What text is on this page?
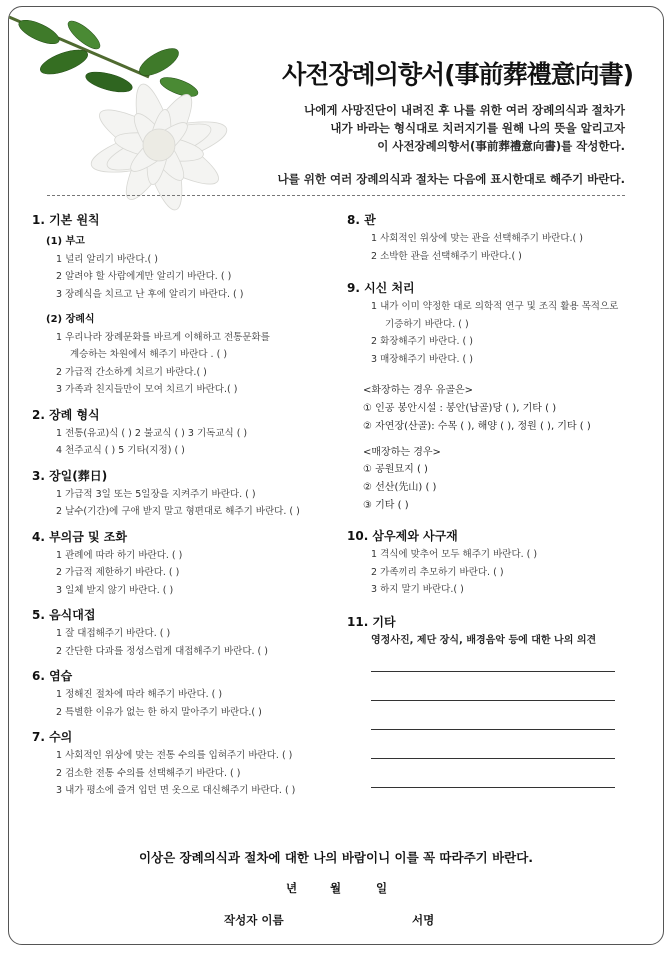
사전장례의향서(事前葬禮意向書)
나에게 사망진단이 내려진 후 나를 위한 여러 장례의식과 절차가
내가 바라는 형식대로 치러지기를 원해 나의 뜻을 알리고자
이 사전장례의향서(事前葬禮意向書)를 작성한다.
나를 위한 여러 장례의식과 절차는 다음에 표시한대로 해주기 바란다.
1. 기본 원칙
(1) 부고
1 널리 알리기 바란다.( )
2 알려야 할 사람에게만 알리기 바란다. ( )
3 장례식을 치르고 난 후에 알리기 바란다. ( )
(2) 장례식
1 우리나라 장례문화를 바르게 이해하고 전통문화를
계승하는 차원에서 해주기 바란다 . ( )
2 가급적 간소하게 치르기 바란다.( )
3 가족과 친지들만이 모여 치르기 바란다.( )
2. 장례 형식
1 전통(유교)식 ( ) 2 불교식 ( ) 3 기독교식 ( )
4 천주교식 ( ) 5 기타(지정) ( )
3. 장일(葬日)
1 가급적 3일 또는 5일장을 지켜주기 바란다. ( )
2 날수(기간)에 구애 받지 말고 형편대로 해주기 바란다. ( )
4. 부의금 및 조화
1 관례에 따라 하기 바란다. ( )
2 가급적 제한하기 바란다. ( )
3 일체 받지 않기 바란다. ( )
5. 음식대접
1 잘 대접해주기 바란다. ( )
2 간단한 다과를 정성스럽게 대접해주기 바란다. ( )
6. 염습
1 정해진 절차에 따라 해주기 바란다. ( )
2 특별한 이유가 없는 한 하지 말아주기 바란다.( )
7. 수의
1 사회적인 위상에 맞는 전통 수의를 입혀주기 바란다. ( )
2 검소한 전통 수의를 선택해주기 바란다. ( )
3 내가 평소에 즐겨 입던 면 옷으로 대신해주기 바란다. ( )
8. 관
1 사회적인 위상에 맞는 관을 선택해주기 바란다.( )
2 소박한 관을 선택해주기 바란다.( )
9. 시신 처리
1 내가 이미 약정한 대로 의학적 연구 및 조직 활용 목적으로
기증하기 바란다. ( )
2 화장해주기 바란다. ( )
3 매장해주기 바란다. ( )
<화장하는 경우 유골은>
① 인공 봉안시설 : 봉안(납골)당 ( ), 기타 ( )
② 자연장(산골): 수목 ( ), 해양 ( ), 정원 ( ), 기타 ( )
<매장하는 경우>
① 공원묘지 ( )
② 선산(先山) ( )
③ 기타 ( )
10. 삼우제와 사구재
1 격식에 맞추어 모두 해주기 바란다. ( )
2 가족끼리 추모하기 바란다. ( )
3 하지 말기 바란다.( )
11. 기타
영정사진, 제단 장식, 배경음악 등에 대한 나의 의견
이상은 장례의식과 절차에 대한 나의 바람이니 이를 꼭 따라주기 바란다.
년	월	일
작성자 이름	서명
